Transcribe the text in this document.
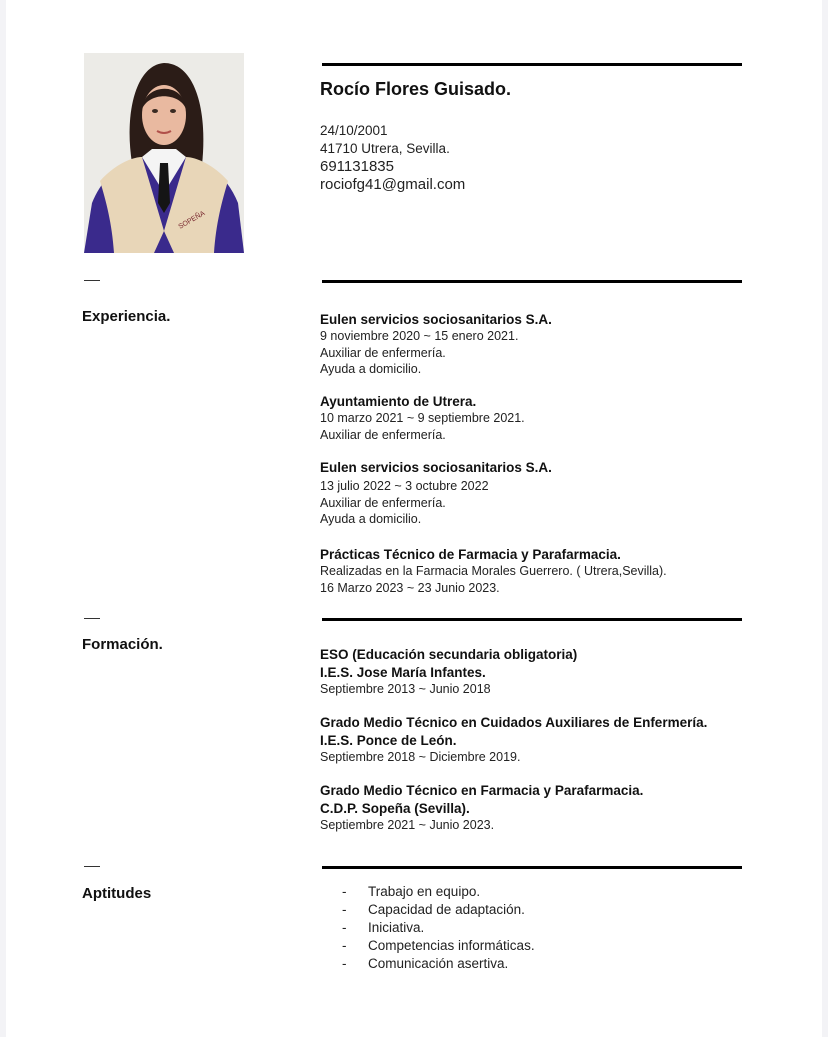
SOPEÑA
Rocío Flores Guisado.
24/10/2001
41710 Utrera, Sevilla.
691131835
rociofg41@gmail.com
Experiencia.	Eulen servicios sociosanitarios S.A.
9 noviembre 2020 ~ 15 enero 2021.
Auxiliar de enfermería.
Ayuda a domicilio.
Ayuntamiento de Utrera.
10 marzo 2021 ~ 9 septiembre 2021.
Auxiliar de enfermería.
Eulen servicios sociosanitarios S.A.
13 julio 2022 ~ 3 octubre 2022
Auxiliar de enfermería.
Ayuda a domicilio.
Prácticas Técnico de Farmacia y Parafarmacia.
Realizadas en la Farmacia Morales Guerrero. ( Utrera,Sevilla).
16 Marzo 2023 ~ 23 Junio 2023.
Formación.
ESO (Educación secundaria obligatoria)
I.E.S. Jose María Infantes.
Septiembre 2013 ~ Junio 2018
Grado Medio Técnico en Cuidados Auxiliares de Enfermería.
I.E.S. Ponce de León.
Septiembre 2018 ~ Diciembre 2019.
Grado Medio Técnico en Farmacia y Parafarmacia.
C.D.P. Sopeña (Sevilla).
Septiembre 2021 ~ Junio 2023.
Aptitudes	-	Trabajo en equipo.
-	Capacidad de adaptación.
-	Iniciativa.
-	Competencias informáticas.
-	Comunicación asertiva.
